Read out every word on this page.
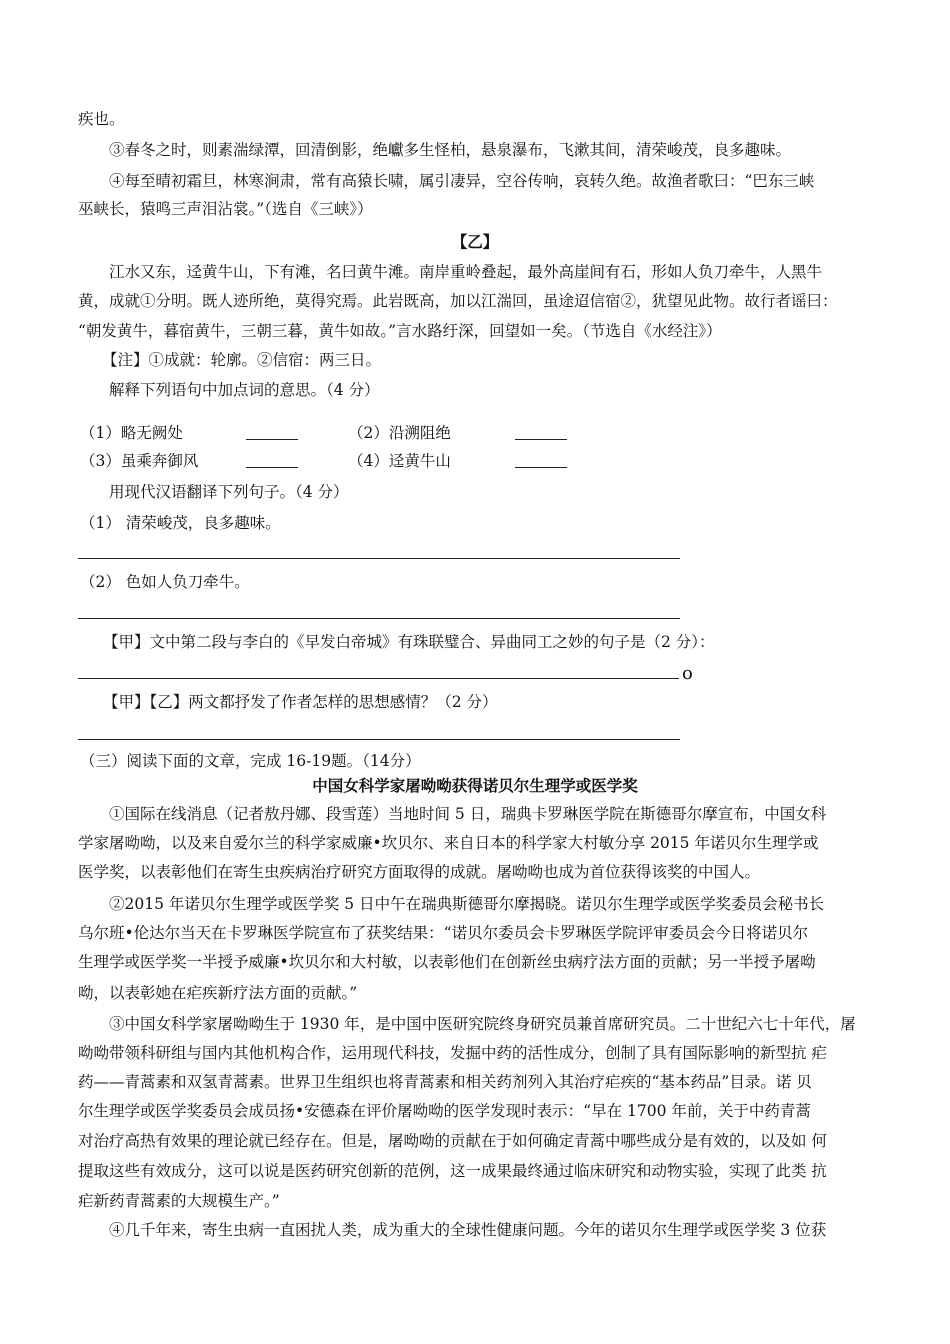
疾也。
③春冬之时，则素湍绿潭，回清倒影，绝巘多生怪柏，悬泉瀑布，飞漱其间，清荣峻茂，良多趣味。
④每至晴初霜旦，林寒涧肃，常有高猿长啸，属引凄异，空谷传响，哀转久绝。故渔者歌曰：“巴东三峡
巫峡长，猿鸣三声泪沾裳。”（选自《三峡》）
【乙】
江水又东，迳黄牛山，下有滩，名曰黄牛滩。南岸重岭叠起，最外高崖间有石，形如人负刀牵牛，人黑牛
黄，成就①分明。既人迹所绝，莫得究焉。此岩既高，加以江湍回，虽途迢信宿②，犹望见此物。故行者谣曰：
“朝发黄牛，暮宿黄牛，三朝三暮，黄牛如故。”言水路纡深，回望如一矣。（节选自《水经注》）
【注】①成就：轮廓。②信宿：两三日。
解释下列语句中加点词的意思。（4 分）
（1）略无阙处	（2）沿溯阻绝
（3）虽乘奔御风	（4）迳黄牛山
用现代汉语翻译下列句子。（4 分）
（1） 清荣峻茂，良多趣味。
（2） 色如人负刀牵牛。
【甲】文中第二段与李白的《早发白帝城》有珠联璧合、异曲同工之妙的句子是（2 分）：
o
【甲】【乙】两文都抒发了作者怎样的思想感情？（2 分）
（三）阅读下面的文章，完成 16-19题。（14分）
中国女科学家屠呦呦获得诺贝尔生理学或医学奖
①国际在线消息（记者敖丹娜、段雪莲）当地时间 5 日，瑞典卡罗琳医学院在斯德哥尔摩宣布，中国女科
学家屠呦呦，以及来自爱尔兰的科学家威廉•坎贝尔、来自日本的科学家大村敏分享 2015 年诺贝尔生理学或
医学奖，以表彰他们在寄生虫疾病治疗研究方面取得的成就。屠呦呦也成为首位获得该奖的中国人。
②2015 年诺贝尔生理学或医学奖 5 日中午在瑞典斯德哥尔摩揭晓。诺贝尔生理学或医学奖委员会秘书长
乌尔班•伦达尔当天在卡罗琳医学院宣布了获奖结果：“诺贝尔委员会卡罗琳医学院评审委员会今日将诺贝尔
生理学或医学奖一半授予威廉•坎贝尔和大村敏，以表彰他们在创新丝虫病疗法方面的贡献；另一半授予屠呦
呦，以表彰她在疟疾新疗法方面的贡献。”
③中国女科学家屠呦呦生于 1930 年，是中国中医研究院终身研究员兼首席研究员。二十世纪六七十年代，屠
呦呦带领科研组与国内其他机构合作，运用现代科技，发掘中药的活性成分，创制了具有国际影响的新型抗 疟
药——青蒿素和双氢青蒿素。世界卫生组织也将青蒿素和相关药剂列入其治疗疟疾的“基本药品”目录。诺 贝
尔生理学或医学奖委员会成员扬•安德森在评价屠呦呦的医学发现时表示：“早在 1700 年前，关于中药青蒿
对治疗高热有效果的理论就已经存在。但是，屠呦呦的贡献在于如何确定青蒿中哪些成分是有效的，以及如 何
提取这些有效成分，这可以说是医药研究创新的范例，这一成果最终通过临床研究和动物实验，实现了此类 抗
疟新药青蒿素的大规模生产。”
④几千年来，寄生虫病一直困扰人类，成为重大的全球性健康问题。今年的诺贝尔生理学或医学奖 3 位获
